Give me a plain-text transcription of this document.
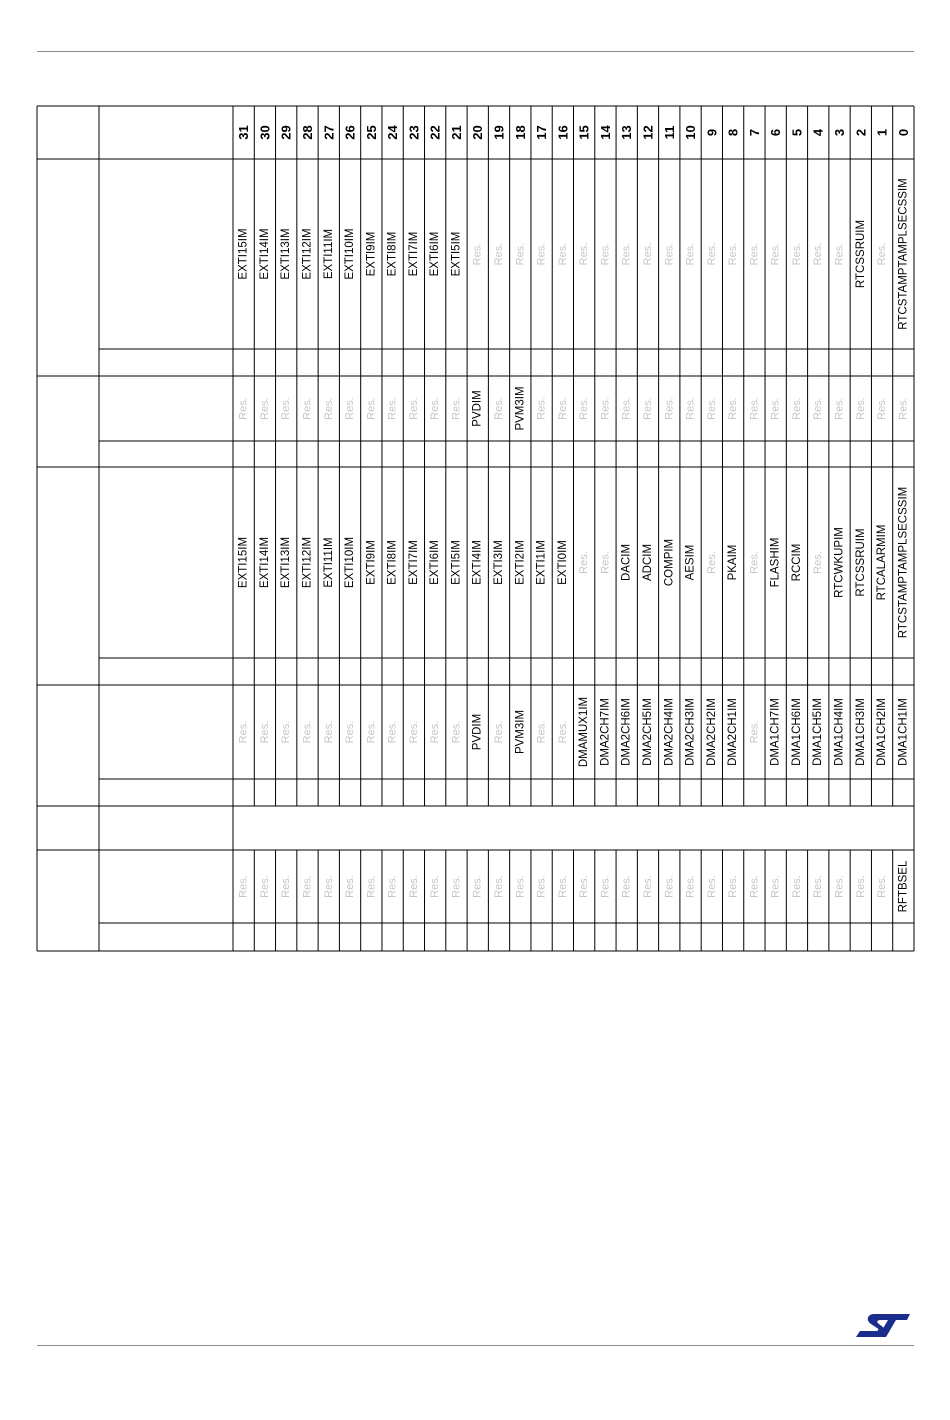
31 30 29 28 27 26 25 24 23 22 21 20 19 18 17 16 15 14 13 12 11 10 9 8 7 6 5 4 3 2 1 0
EXTI15IM EXTI14IM EXTI13IM EXTI12IM EXTI11IM EXTI10IM EXTI9IM EXTI8IM EXTI7IM EXTI6IM EXTI5IM Res. Res. Res. Res. Res. Res. Res. Res. Res. Res. Res. Res. Res. Res. Res. Res. Res. Res. RTCSSRUIM Res. RTCSTAMPTAMPLSECSSIM
Res. Res. Res. Res. Res. Res. Res. Res. Res. Res. Res. PVDIM Res. PVM3IM Res. Res. Res. Res. Res. Res. Res. Res. Res. Res. Res. Res. Res. Res. Res. Res. Res. Res.
EXTI15IM EXTI14IM EXTI13IM EXTI12IM EXTI11IM EXTI10IM EXTI9IM EXTI8IM EXTI7IM EXTI6IM EXTI5IM EXTI4IM EXTI3IM EXTI2IM EXTI1IM EXTI0IM Res. Res. DACIM ADCIM COMPIM AESIM Res. PKAIM Res. FLASHIM RCCIM Res. RTCWKUPIM RTCSSRUIM RTCALARMIM RTCSTAMPTAMPLSECSSIM
Res. Res. Res. Res. Res. Res. Res. Res. Res. Res. Res. PVDIM Res. PVM3IM Res. Res. DMAMUX1IM DMA2CH7IM DMA2CH6IM DMA2CH5IM DMA2CH4IM DMA2CH3IM DMA2CH2IM DMA2CH1IM Res. DMA1CH7IM DMA1CH6IM DMA1CH5IM DMA1CH4IM DMA1CH3IM DMA1CH2IM DMA1CH1IM
Res. Res. Res. Res. Res. Res. Res. Res. Res. Res. Res. Res. Res. Res. Res. Res. Res. Res. Res. Res. Res. Res. Res. Res. Res. Res. Res. Res. Res. Res. Res. RFTBSEL
